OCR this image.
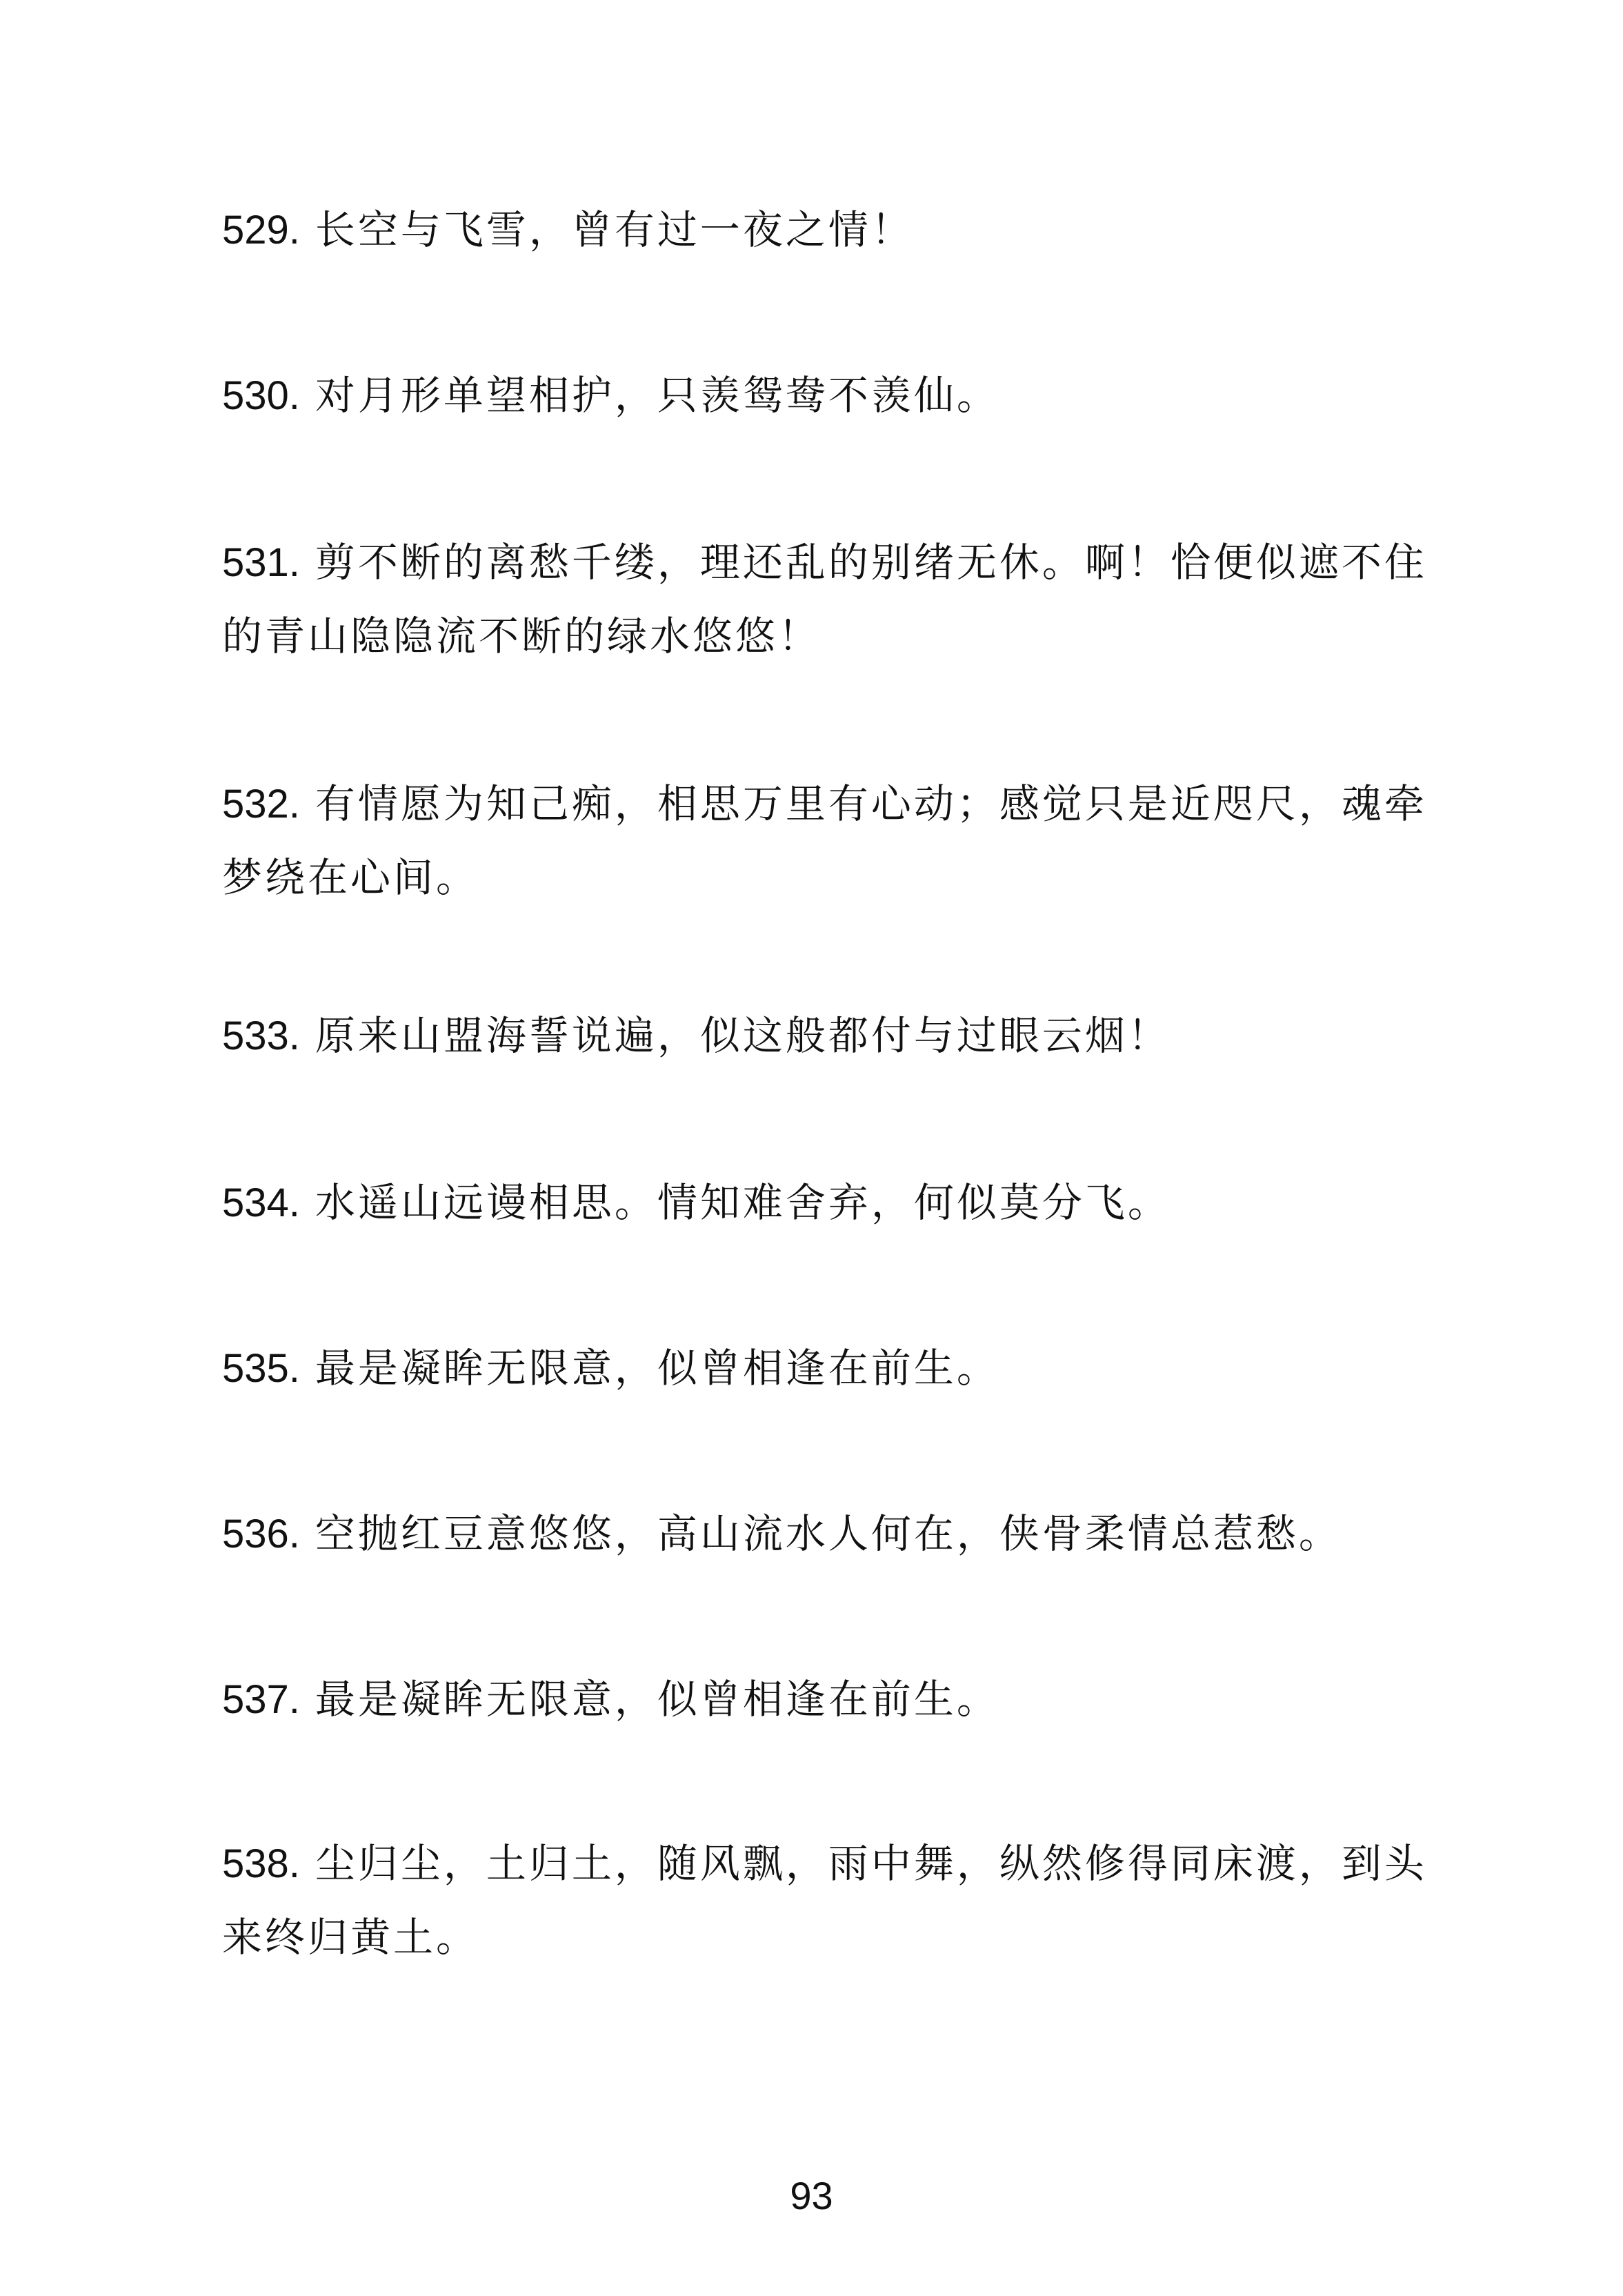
529. 长空与飞雪，曾有过一夜之情！
530. 对月形单望相护，只羡鸳鸯不羡仙。
531. 剪不断的离愁千缕，理还乱的别绪无休。啊！恰便似遮不住的青山隐隐流不断的绿水悠悠！
532. 有情愿为知己痴，相思万里有心动；感觉只是近咫尺，魂牵梦绕在心间。
533. 原来山盟海誓说遍，似这般都付与过眼云烟！
534. 水遥山远谩相思。情知难舍弃，何似莫分飞。
535. 最是凝眸无限意，似曾相逢在前生。
536. 空抛红豆意悠悠，高山流水人何在，侠骨柔情总惹愁。
537. 最是凝眸无限意，似曾相逢在前生。
538. 尘归尘，土归土，随风飘，雨中舞，纵然修得同床渡，到头来终归黄土。
93
